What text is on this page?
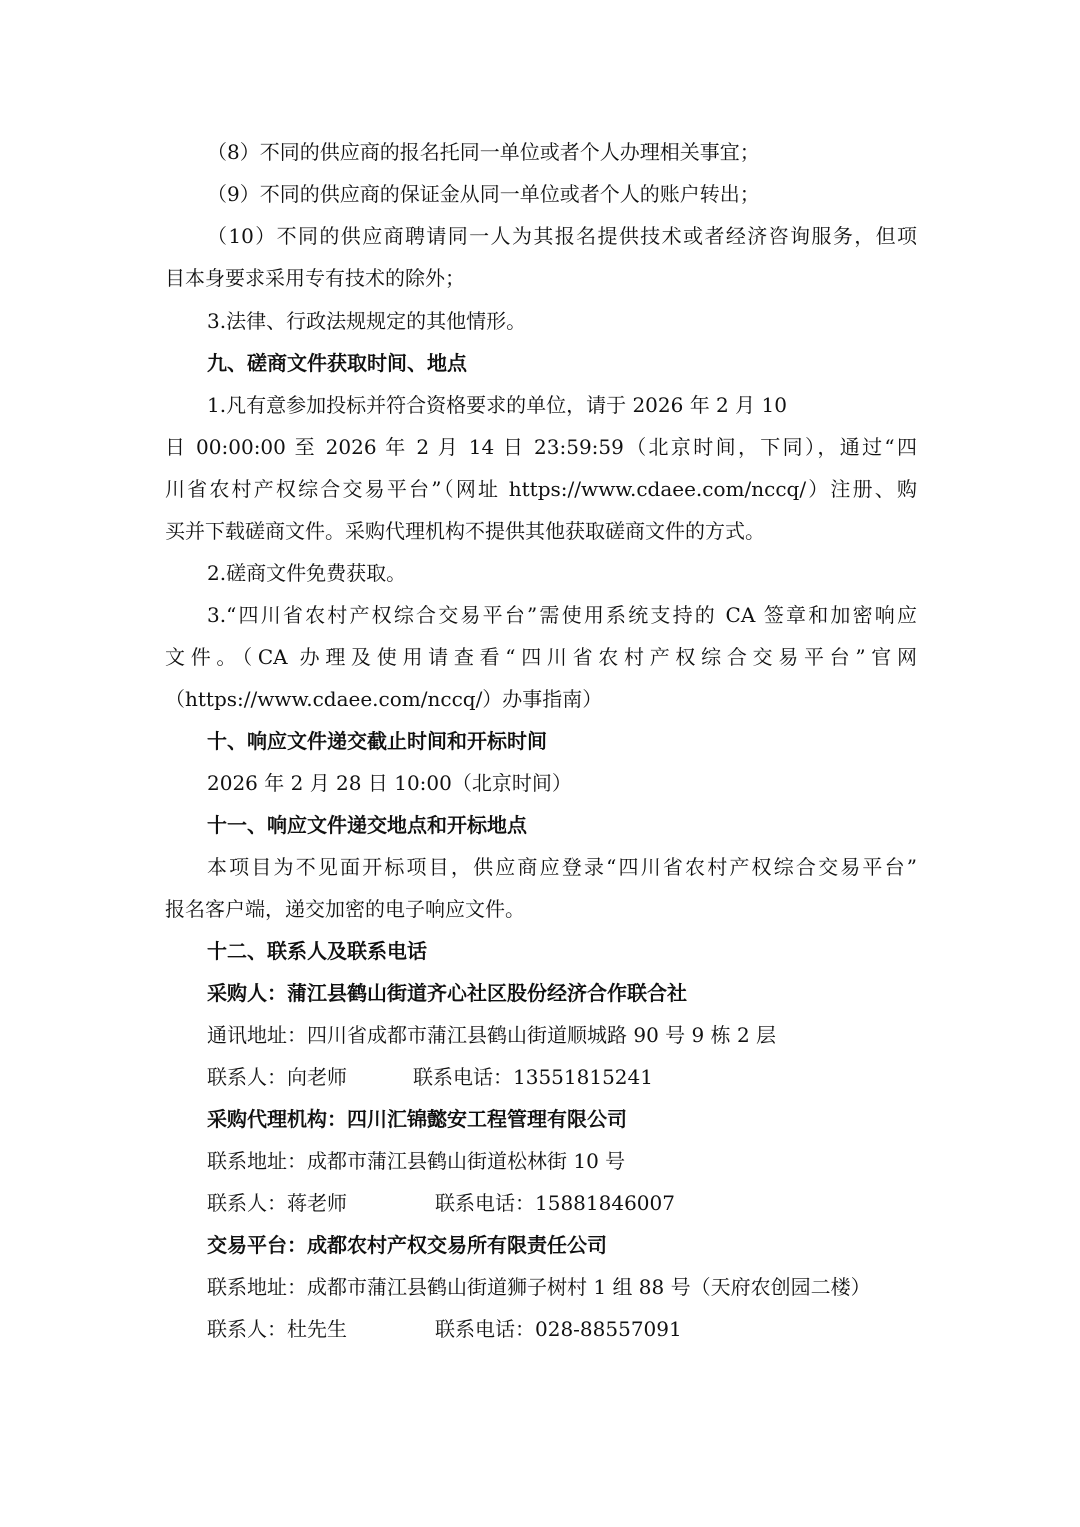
（8）不同的供应商的报名托同一单位或者个人办理相关事宜；
（9）不同的供应商的保证金从同一单位或者个人的账户转出；
（10）不同的供应商聘请同一人为其报名提供技术或者经济咨询服务，但项
目本身要求采用专有技术的除外；
3.法律、行政法规规定的其他情形。
九、磋商文件获取时间、地点
1.凡有意参加投标并符合资格要求的单位，请于 2026 年 2 月 10
日 00:00:00 至 2026 年 2 月 14 日 23:59:59（北京时间，下同），通过“四
川省农村产权综合交易平台”（网址 https://www.cdaee.com/nccq/）注册、购
买并下载磋商文件。采购代理机构不提供其他获取磋商文件的方式。
2.磋商文件免费获取。
3.“四川省农村产权综合交易平台”需使用系统支持的 CA 签章和加密响应
文件。（CA 办理及使用请查看“四川省农村产权综合交易平台”官网
（https://www.cdaee.com/nccq/）办事指南）
十、响应文件递交截止时间和开标时间
2026 年 2 月 28 日 10:00（北京时间）
十一、响应文件递交地点和开标地点
本项目为不见面开标项目，供应商应登录“四川省农村产权综合交易平台”
报名客户端，递交加密的电子响应文件。
十二、联系人及联系电话
采购人：蒲江县鹤山街道齐心社区股份经济合作联合社
通讯地址：四川省成都市蒲江县鹤山街道顺城路 90 号 9 栋 2 层
联系人：向老师	联系电话：13551815241
采购代理机构：四川汇锦懿安工程管理有限公司
联系地址：成都市蒲江县鹤山街道松林街 10 号
联系人：蒋老师	联系电话：15881846007
交易平台：成都农村产权交易所有限责任公司
联系地址：成都市蒲江县鹤山街道狮子树村 1 组 88 号（天府农创园二楼）
联系人：杜先生	联系电话：028-88557091
